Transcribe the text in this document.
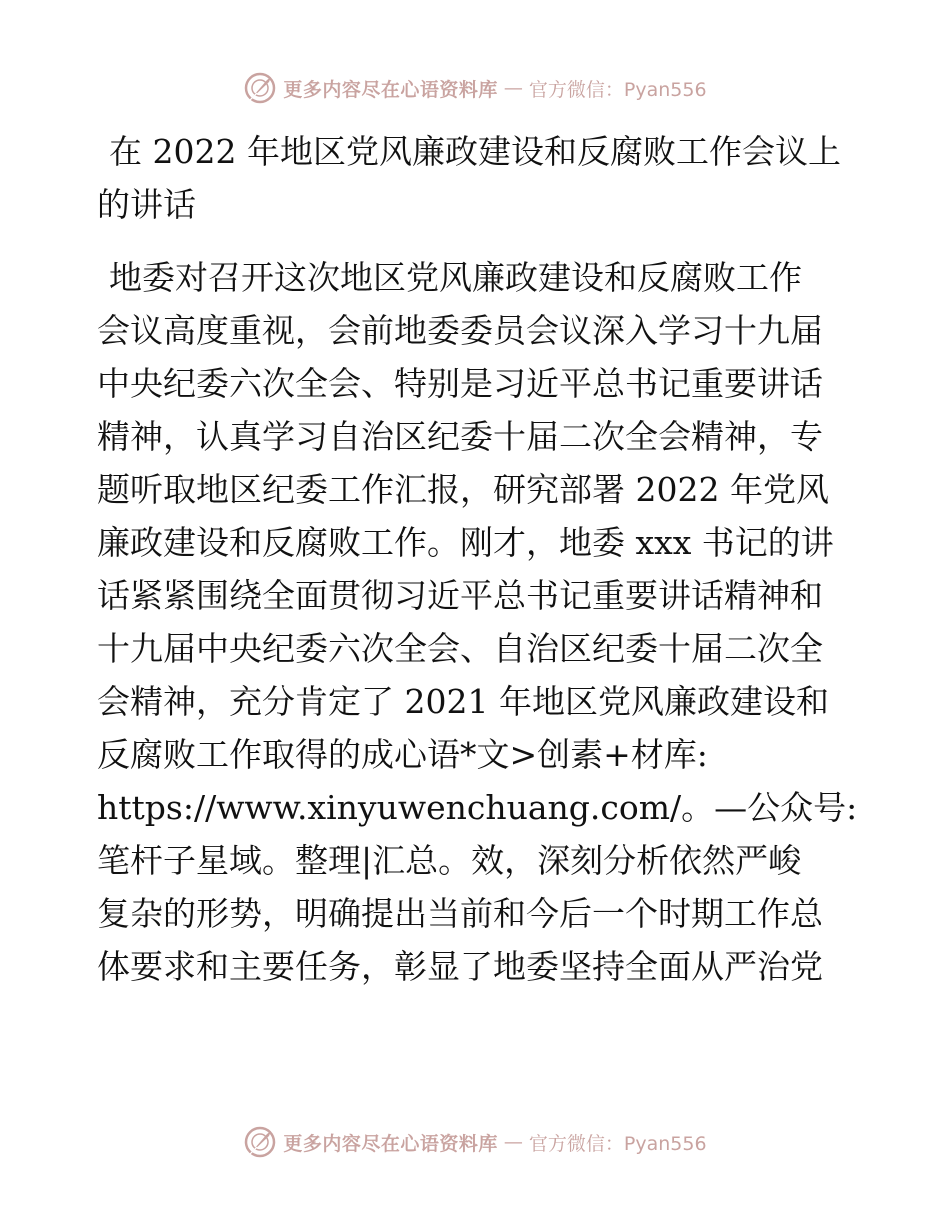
更多内容尽在心语资料库 — 官方微信：Pyan556
在 2022 年地区党风廉政建设和反腐败工作会议上
的讲话

地委对召开这次地区党风廉政建设和反腐败工作
会议高度重视，会前地委委员会议深入学习十九届
中央纪委六次全会、特别是习近平总书记重要讲话
精神，认真学习自治区纪委十届二次全会精神，专
题听取地区纪委工作汇报，研究部署 2022 年党风
廉政建设和反腐败工作。刚才，地委 xxx 书记的讲
话紧紧围绕全面贯彻习近平总书记重要讲话精神和
十九届中央纪委六次全会、自治区纪委十届二次全
会精神，充分肯定了 2021 年地区党风廉政建设和
反腐败工作取得的成心语*文>创素+材库:
https://www.xinyuwenchuang.com/。—公众号:
笔杆子星域。整理|汇总。效，深刻分析依然严峻
复杂的形势，明确提出当前和今后一个时期工作总
体要求和主要任务，彰显了地委坚持全面从严治党

更多内容尽在心语资料库 — 官方微信：Pyan556
